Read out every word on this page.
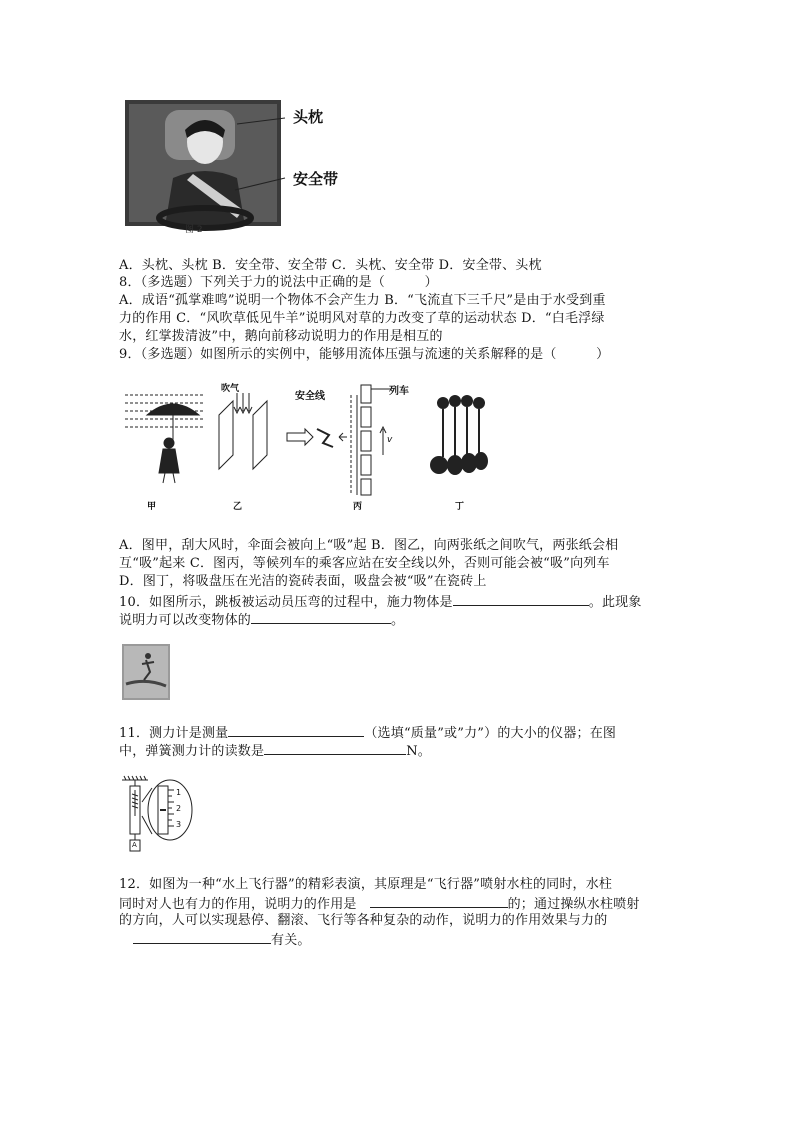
头枕
安全带
图 2
A．头枕、头枕 B．安全带、安全带 C．头枕、安全带 D．安全带、头枕
8．（多选题）下列关于力的说法中正确的是（　　　）
A．成语“孤掌难鸣”说明一个物体不会产生力 B．“飞流直下三千尺”是由于水受到重
力的作用 C．“风吹草低见牛羊”说明风对草的力改变了草的运动状态 D．“白毛浮绿
水，红掌拨清波”中，鹅向前移动说明力的作用是相互的
9．（多选题）如图所示的实例中，能够用流体压强与流速的关系解释的是（　　　）
吹气
安全线	列车
v
甲	乙	丙	丁
A．图甲，刮大风时，伞面会被向上“吸”起 B．图乙，向两张纸之间吹气，两张纸会相
互“吸”起来 C．图丙，等候列车的乘客应站在安全线以外，否则可能会被“吸”向列车
D．图丁，将吸盘压在光洁的瓷砖表面，吸盘会被“吸”在瓷砖上
10．如图所示，跳板被运动员压弯的过程中，施力物体是	。此现象
说明力可以改变物体的	。
11．测力计是测量	（选填“质量”或”力”）的大小的仪器；在图
中，弹簧测力计的读数是	N。
1
2
3
A
12．如图为一种“水上飞行器”的精彩表演，其原理是“飞行器”喷射水柱的同时，水柱
同时对人也有力的作用，说明力的作用是	的；通过操纵水柱喷射
的方向，人可以实现悬停、翻滚、飞行等各种复杂的动作，说明力的作用效果与力的
有关。
